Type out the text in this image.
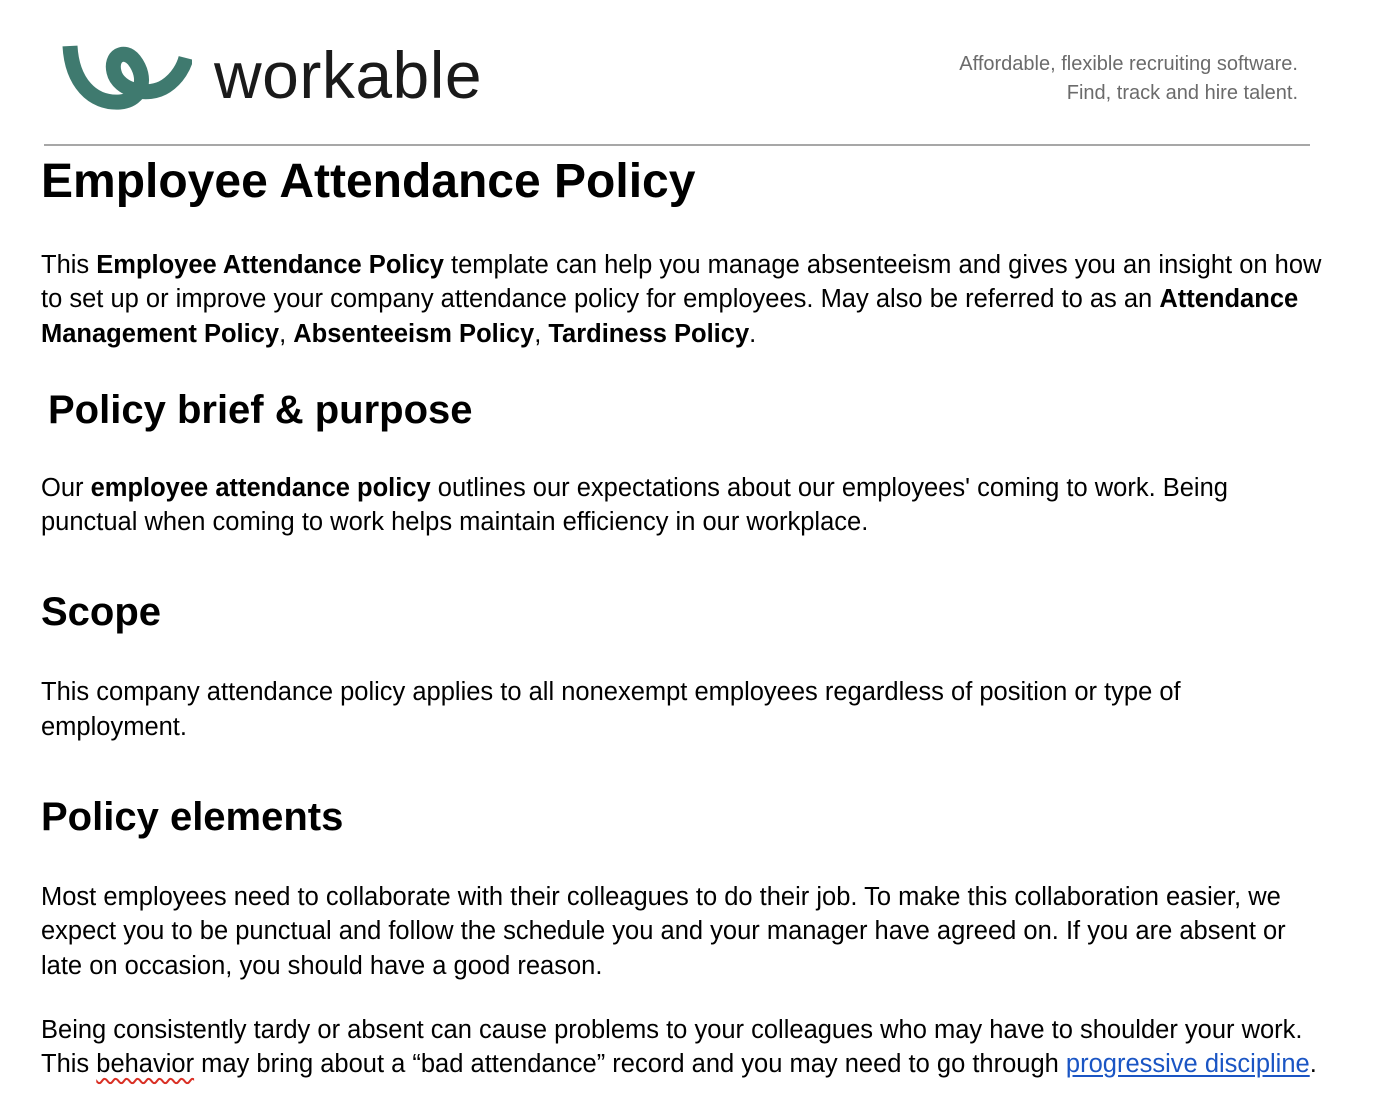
workable	Affordable, flexible recruiting software.
Find, track and hire talent.
Employee Attendance Policy

This Employee Attendance Policy template can help you manage absenteeism and gives you an insight on how to set up or improve your company attendance policy for employees. May also be referred to as an Attendance Management Policy, Absenteeism Policy, Tardiness Policy.

Policy brief & purpose

Our employee attendance policy outlines our expectations about our employees' coming to work. Being punctual when coming to work helps maintain efficiency in our workplace.

Scope

This company attendance policy applies to all nonexempt employees regardless of position or type of employment.

Policy elements

Most employees need to collaborate with their colleagues to do their job. To make this collaboration easier, we expect you to be punctual and follow the schedule you and your manager have agreed on. If you are absent or late on occasion, you should have a good reason.

Being consistently tardy or absent can cause problems to your colleagues who may have to shoulder your work. This behavior may bring about a “bad attendance” record and you may need to go through progressive discipline.
